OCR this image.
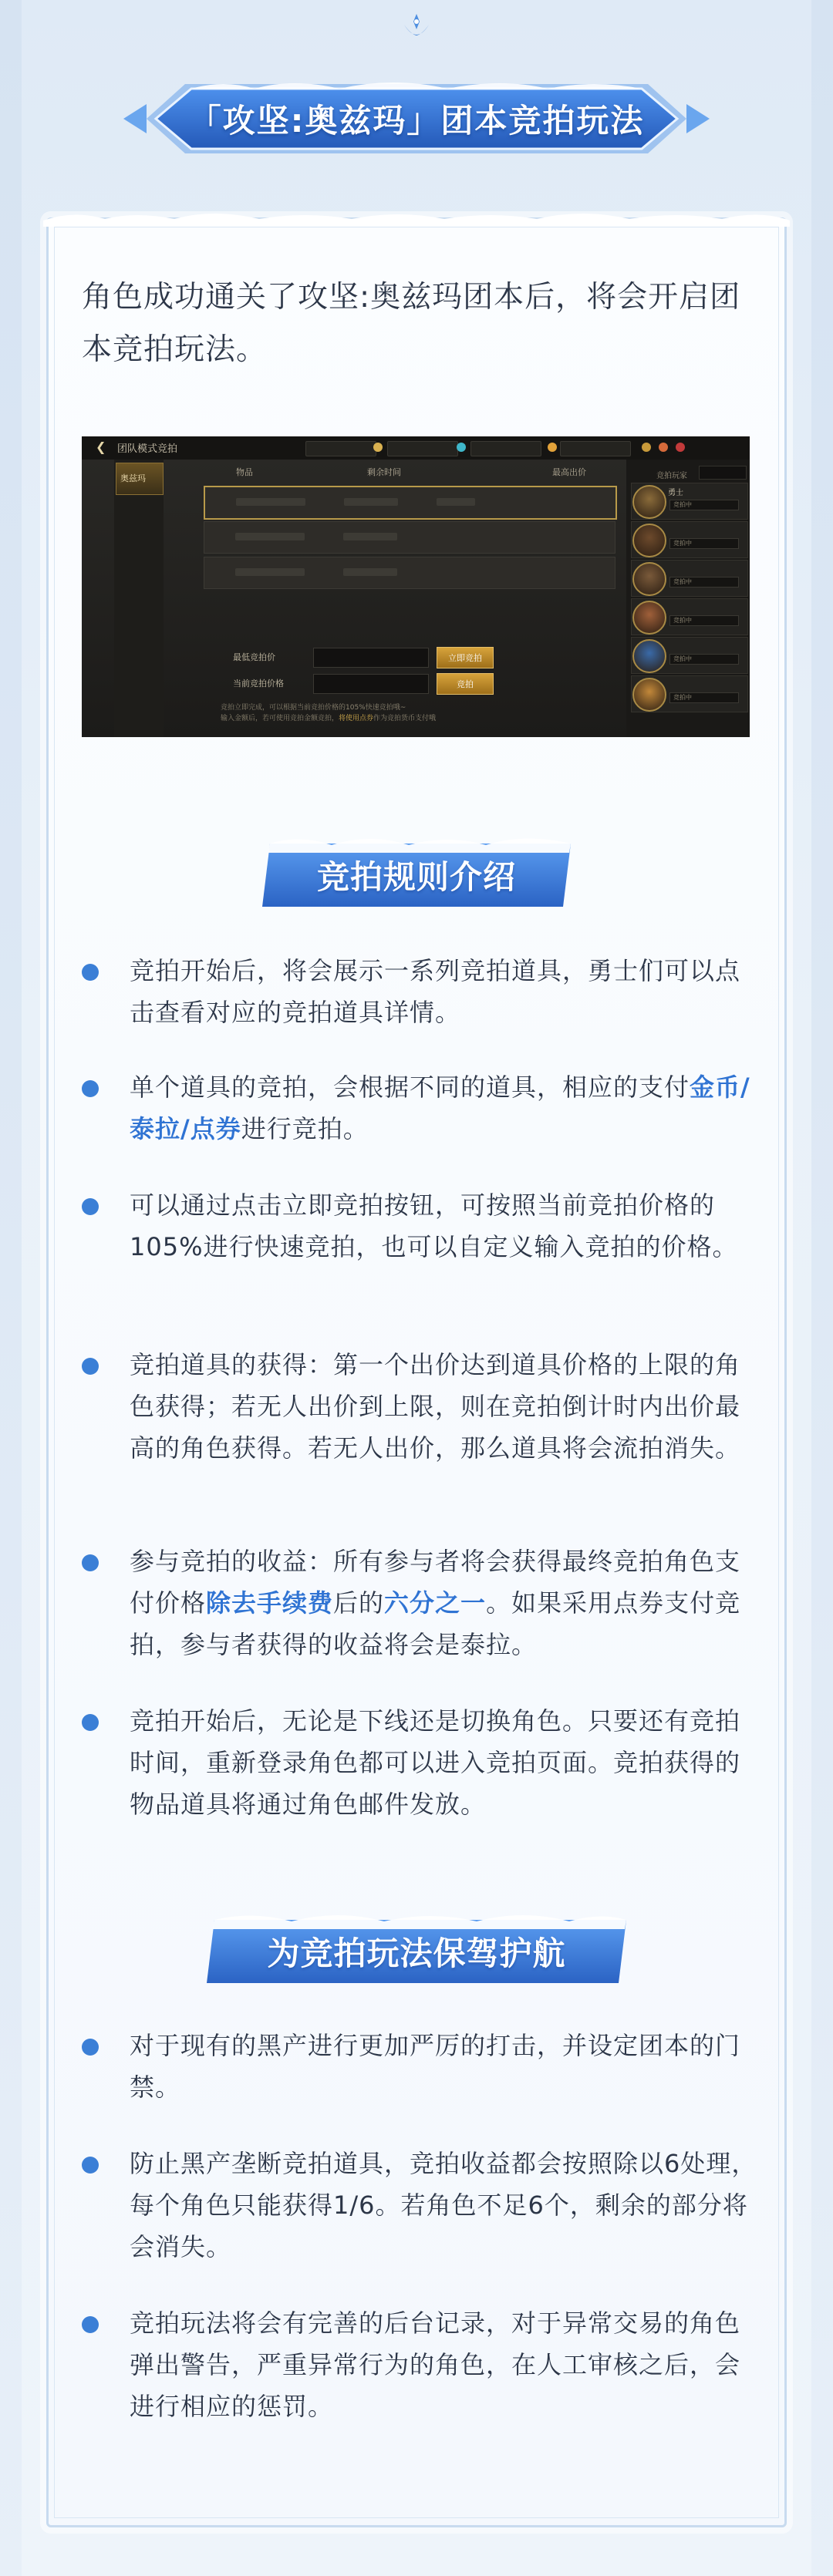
「攻坚:奥兹玛」团本竞拍玩法
角色成功通关了攻坚:奥兹玛团本后，将会开启团本竞拍玩法。
❮ 团队模式竞拍
奥兹玛
物品	剩余时间	最高出价
最低竞拍价	立即竞拍
当前竞拍价格	竞拍
竞拍立即完成，可以根据当前竞拍价格的105%快速竞拍哦~
输入金额后，若可使用竞拍金额竞拍，将使用点券作为竞拍货币支付哦
竞拍玩家
勇士
竞拍中
竞拍中
竞拍中
竞拍中
竞拍中
竞拍中
竞拍规则介绍
竞拍开始后，将会展示一系列竞拍道具，勇士们可以点击查看对应的竞拍道具详情。
单个道具的竞拍，会根据不同的道具，相应的支付金币/泰拉/点券进行竞拍。
可以通过点击立即竞拍按钮，可按照当前竞拍价格的105%进行快速竞拍，也可以自定义输入竞拍的价格。
竞拍道具的获得：第一个出价达到道具价格的上限的角色获得；若无人出价到上限，则在竞拍倒计时内出价最高的角色获得。若无人出价，那么道具将会流拍消失。
参与竞拍的收益：所有参与者将会获得最终竞拍角色支付价格除去手续费后的六分之一。如果采用点券支付竞拍，参与者获得的收益将会是泰拉。
竞拍开始后，无论是下线还是切换角色。只要还有竞拍时间，重新登录角色都可以进入竞拍页面。竞拍获得的物品道具将通过角色邮件发放。
为竞拍玩法保驾护航
对于现有的黑产进行更加严厉的打击，并设定团本的门禁。
防止黑产垄断竞拍道具，竞拍收益都会按照除以6处理，每个角色只能获得1/6。若角色不足6个，剩余的部分将会消失。
竞拍玩法将会有完善的后台记录，对于异常交易的角色弹出警告，严重异常行为的角色，在人工审核之后，会进行相应的惩罚。
